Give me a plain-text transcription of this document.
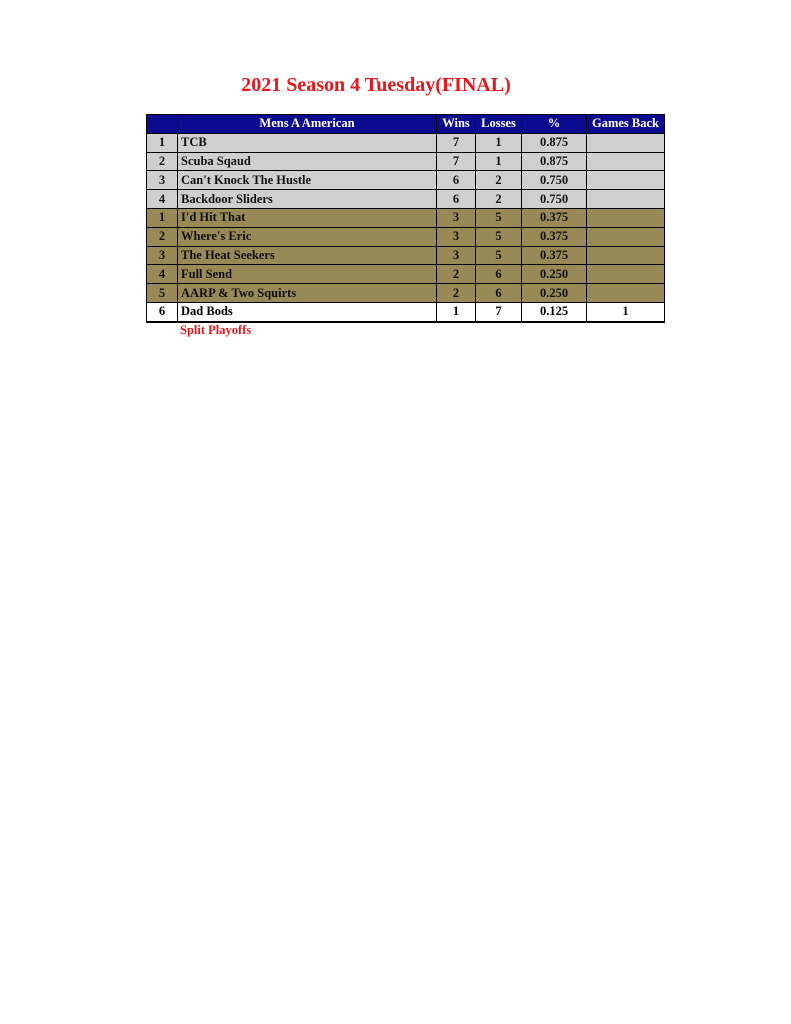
2021 Season 4 Tuesday(FINAL)
	Mens A American	Wins	Losses	%	Games Back
1	TCB	7	1	0.875	
2	Scuba Sqaud	7	1	0.875	
3	Can't Knock The Hustle	6	2	0.750	
4	Backdoor Sliders	6	2	0.750	
1	I'd Hit That	3	5	0.375	
2	Where's Eric	3	5	0.375	
3	The Heat Seekers	3	5	0.375	
4	Full Send	2	6	0.250	
5	AARP & Two Squirts	2	6	0.250	
6	Dad Bods	1	7	0.125	1
Split Playoffs
